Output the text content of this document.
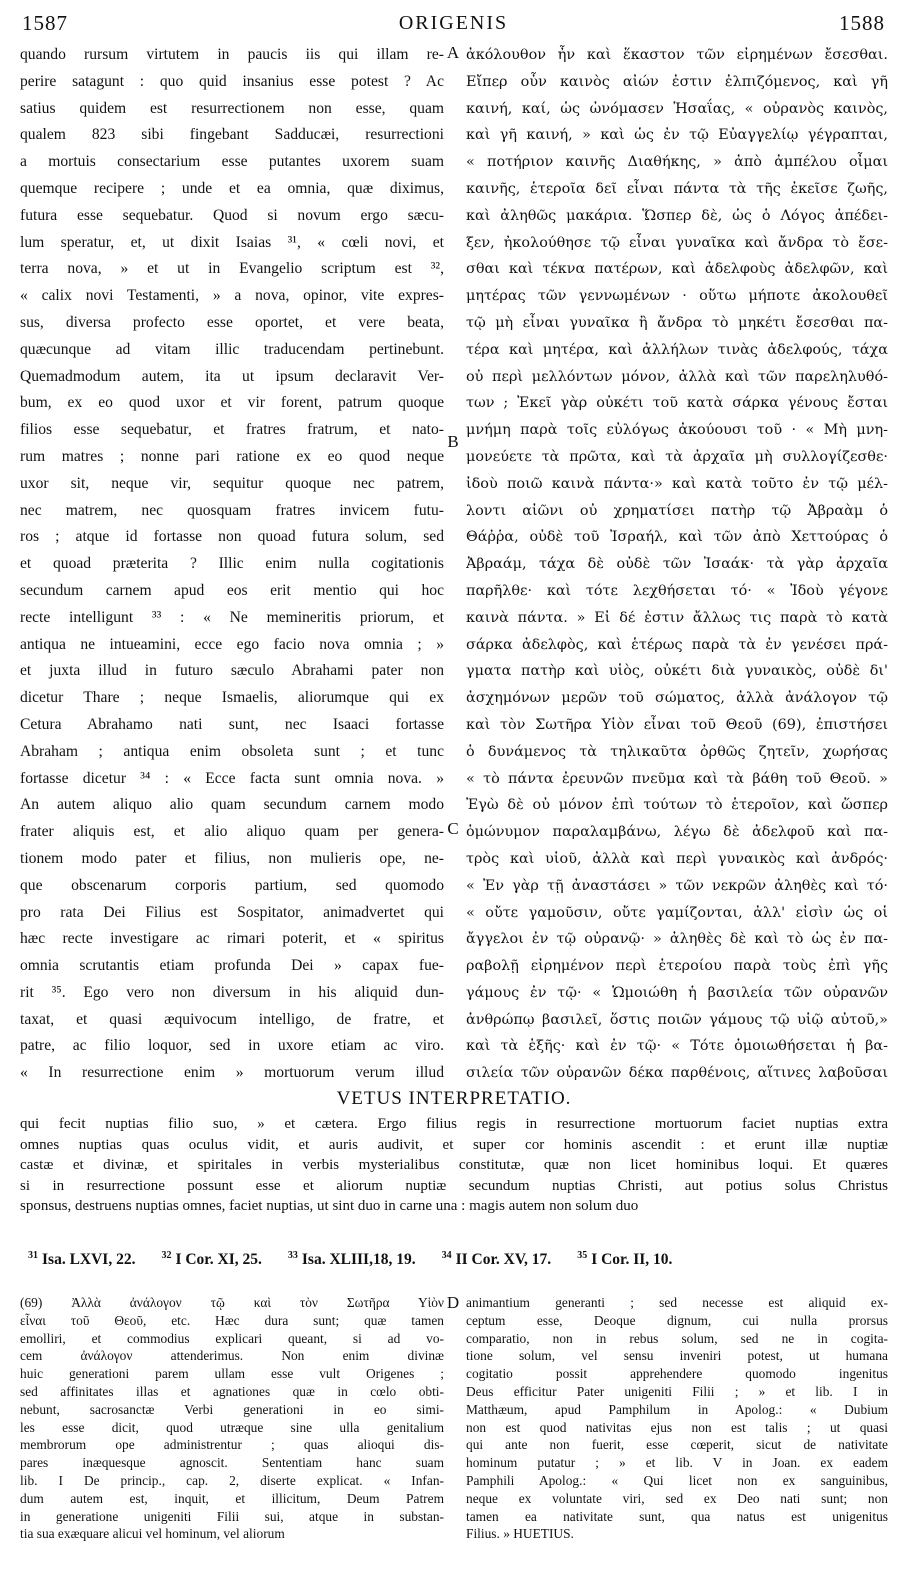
1587	ORIGENIS	1588
quando rursum virtutem in paucis iis qui illam re-
perire satagunt : quo quid insanius esse potest ? Ac
satius quidem est resurrectionem non esse, quam
qualem 823 sibi fingebant Sadducæi, resurrectioni
a mortuis consectarium esse putantes uxorem suam
quemque recipere ; unde et ea omnia, quæ diximus,
futura esse sequebatur. Quod si novum ergo sæcu-
lum speratur, et, ut dixit Isaias ³¹, « cœli novi, et
terra nova, » et ut in Evangelio scriptum est ³²,
« calix novi Testamenti, » a nova, opinor, vite expres-
sus, diversa profecto esse oportet, et vere beata,
quæcunque ad vitam illic traducendam pertinebunt.
Quemadmodum autem, ita ut ipsum declaravit Ver-
bum, ex eo quod uxor et vir forent, patrum quoque
filios esse sequebatur, et fratres fratrum, et nato-
rum matres ; nonne pari ratione ex eo quod neque
uxor sit, neque vir, sequitur quoque nec patrem,
nec matrem, nec quosquam fratres invicem futu-
ros ; atque id fortasse non quoad futura solum, sed
et quoad præterita ? Illic enim nulla cogitationis
secundum carnem apud eos erit mentio qui hoc
recte intelligunt ³³ : « Ne memineritis priorum, et
antiqua ne intueamini, ecce ego facio nova omnia ; »
et juxta illud in futuro sæculo Abrahami pater non
dicetur Thare ; neque Ismaelis, aliorumque qui ex
Cetura Abrahamo nati sunt, nec Isaaci fortasse
Abraham ; antiqua enim obsoleta sunt ; et tunc
fortasse dicetur ³⁴ : « Ecce facta sunt omnia nova. »
An autem aliquo alio quam secundum carnem modo
frater aliquis est, et alio aliquo quam per genera-
tionem modo pater et filius, non mulieris ope, ne-
que obscenarum corporis partium, sed quomodo
pro rata Dei Filius est Sospitator, animadvertet qui
hæc recte investigare ac rimari poterit, et « spiritus
omnia scrutantis etiam profunda Dei » capax fue-
rit ³⁵. Ego vero non diversum in his aliquid dun-
taxat, et quasi æquivocum intelligo, de fratre, et
patre, ac filio loquor, sed in uxore etiam ac viro.
« In resurrectione enim » mortuorum verum illud
ἀκόλουθον ἦν καὶ ἕκαστον τῶν εἰρημένων ἔσεσθαι.
Εἴπερ οὖν καινὸς αἰών ἐστιν ἐλπιζόμενος, καὶ γῆ
καινή, καί, ὡς ὠνόμασεν Ἡσαΐας, « οὐρανὸς καινὸς,
καὶ γῆ καινή, » καὶ ὡς ἐν τῷ Εὐαγγελίῳ γέγραπται,
« ποτήριον καινῆς Διαθήκης, » ἀπὸ ἀμπέλου οἶμαι
καινῆς, ἑτεροῖα δεῖ εἶναι πάντα τὰ τῆς ἐκεῖσε ζωῆς,
καὶ ἀληθῶς μακάρια. Ὥσπερ δὲ, ὡς ὁ Λόγος ἀπέδει-
ξεν, ἠκολούθησε τῷ εἶναι γυναῖκα καὶ ἄνδρα τὸ ἔσε-
σθαι καὶ τέκνα πατέρων, καὶ ἀδελφοὺς ἀδελφῶν, καὶ
μητέρας τῶν γεννωμένων · οὕτω μήποτε ἀκολουθεῖ
τῷ μὴ εἶναι γυναῖκα ἢ ἄνδρα τὸ μηκέτι ἔσεσθαι πα-
τέρα καὶ μητέρα, καὶ ἀλλήλων τινὰς ἀδελφούς, τάχα
οὐ περὶ μελλόντων μόνον, ἀλλὰ καὶ τῶν παρεληλυθό-
των ; Ἐκεῖ γὰρ οὐκέτι τοῦ κατὰ σάρκα γένους ἔσται
μνήμη παρὰ τοῖς εὐλόγως ἀκούουσι τοῦ · « Μὴ μνη-
μονεύετε τὰ πρῶτα, καὶ τὰ ἀρχαῖα μὴ συλλογίζεσθε·
ἰδοὺ ποιῶ καινὰ πάντα·» καὶ κατὰ τοῦτο ἐν τῷ μέλ-
λοντι αἰῶνι οὐ χρηματίσει πατὴρ τῷ Ἀβραὰμ ὁ
Θάῤῥα, οὐδὲ τοῦ Ἰσραήλ, καὶ τῶν ἀπὸ Χεττούρας ὁ
Ἀβραάμ, τάχα δὲ οὐδὲ τῶν Ἰσαάκ· τὰ γὰρ ἀρχαῖα
παρῆλθε· καὶ τότε λεχθήσεται τό· « Ἰδοὺ γέγονε
καινὰ πάντα. » Εἰ δέ ἐστιν ἄλλως τις παρὰ τὸ κατὰ
σάρκα ἀδελφὸς, καὶ ἑτέρως παρὰ τὰ ἐν γενέσει πρά-
γματα πατὴρ καὶ υἱὸς, οὐκέτι διὰ γυναικὸς, οὐδὲ δι'
ἀσχημόνων μερῶν τοῦ σώματος, ἀλλὰ ἀνάλογον τῷ
καὶ τὸν Σωτῆρα Υἱὸν εἶναι τοῦ Θεοῦ (69), ἐπιστήσει
ὁ δυνάμενος τὰ τηλικαῦτα ὀρθῶς ζητεῖν, χωρήσας
« τὸ πάντα ἐρευνῶν πνεῦμα καὶ τὰ βάθη τοῦ Θεοῦ. »
Ἐγὼ δὲ οὐ μόνον ἐπὶ τούτων τὸ ἑτεροῖον, καὶ ὥσπερ
ὁμώνυμον παραλαμβάνω, λέγω δὲ ἀδελφοῦ καὶ πα-
τρὸς καὶ υἱοῦ, ἀλλὰ καὶ περὶ γυναικὸς καὶ ἀνδρός·
« Ἐν γὰρ τῇ ἀναστάσει » τῶν νεκρῶν ἀληθὲς καὶ τό·
« οὔτε γαμοῦσιν, οὔτε γαμίζονται, ἀλλ' εἰσὶν ὡς οἱ
ἄγγελοι ἐν τῷ οὐρανῷ· » ἀληθὲς δὲ καὶ τὸ ὡς ἐν πα-
ραβολῇ εἰρημένον περὶ ἑτεροίου παρὰ τοὺς ἐπὶ γῆς
γάμους ἐν τῷ· « Ὡμοιώθη ἡ βασιλεία τῶν οὐρανῶν
ἀνθρώπῳ βασιλεῖ, ὅστις ποιῶν γάμους τῷ υἱῷ αὐτοῦ,»
καὶ τὰ ἑξῆς· καὶ ἐν τῷ· « Τότε ὁμοιωθήσεται ἡ βα-
σιλεία τῶν οὐρανῶν δέκα παρθένοις, αἵτινες λαβοῦσαι
A
B
C
VETUS INTERPRETATIO.
qui fecit nuptias filio suo, » et cætera. Ergo filius regis in resurrectione mortuorum faciet nuptias extra
omnes nuptias quas oculus vidit, et auris audivit, et super cor hominis ascendit : et erunt illæ nuptiæ
castæ et divinæ, et spiritales in verbis mysterialibus constitutæ, quæ non licet hominibus loqui. Et quæres
si in resurrectione possunt esse et aliorum nuptiæ secundum nuptias Christi, aut potius solus Christus
sponsus, destruens nuptias omnes, faciet nuptias, ut sint duo in carne una : magis autem non solum duo
$^{31}$ Isa. LXVI, 22.	$^{32}$ I Cor. XI, 25.	$^{33}$ Isa. XLIII,18, 19.	$^{34}$ II Cor. XV, 17.	$^{35}$ I Cor. II, 10.
(69) Ἀλλὰ ἀνάλογον τῷ καὶ τὸν Σωτῆρα Υἱὸν
εἶναι τοῦ Θεοῦ, etc. Hæc dura sunt; quæ tamen
emolliri, et commodius explicari queant, si ad vo-
cem ἀνάλογον attenderimus. Non enim divinæ
huic generationi parem ullam esse vult Origenes ;
sed affinitates illas et agnationes quæ in cœlo obti-
nebunt, sacrosanctæ Verbi generationi in eo simi-
les esse dicit, quod utræque sine ulla genitalium
membrorum ope administrentur ; quas alioqui dis-
pares inæquesque agnoscit. Sententiam hanc suam
lib. I De princip., cap. 2, diserte explicat. « Infan-
dum autem est, inquit, et illicitum, Deum Patrem
in generatione unigeniti Filii sui, atque in substan-
tia sua exæquare alicui vel hominum, vel aliorum
animantium generanti ; sed necesse est aliquid ex-
ceptum esse, Deoque dignum, cui nulla prorsus
comparatio, non in rebus solum, sed ne in cogita-
tione solum, vel sensu inveniri potest, ut humana
cogitatio possit apprehendere quomodo ingenitus
Deus efficitur Pater unigeniti Filii ; » et lib. I in
Matthæum, apud Pamphilum in Apolog.: « Dubium
non est quod nativitas ejus non est talis ; ut quasi
qui ante non fuerit, esse cœperit, sicut de nativitate
hominum putatur ; » et lib. V in Joan. ex eadem
Pamphili Apolog.: « Qui licet non ex sanguinibus,
neque ex voluntate viri, sed ex Deo nati sunt; non
tamen ea nativitate sunt, qua natus est unigenitus
Filius. » HUETIUS.
D
